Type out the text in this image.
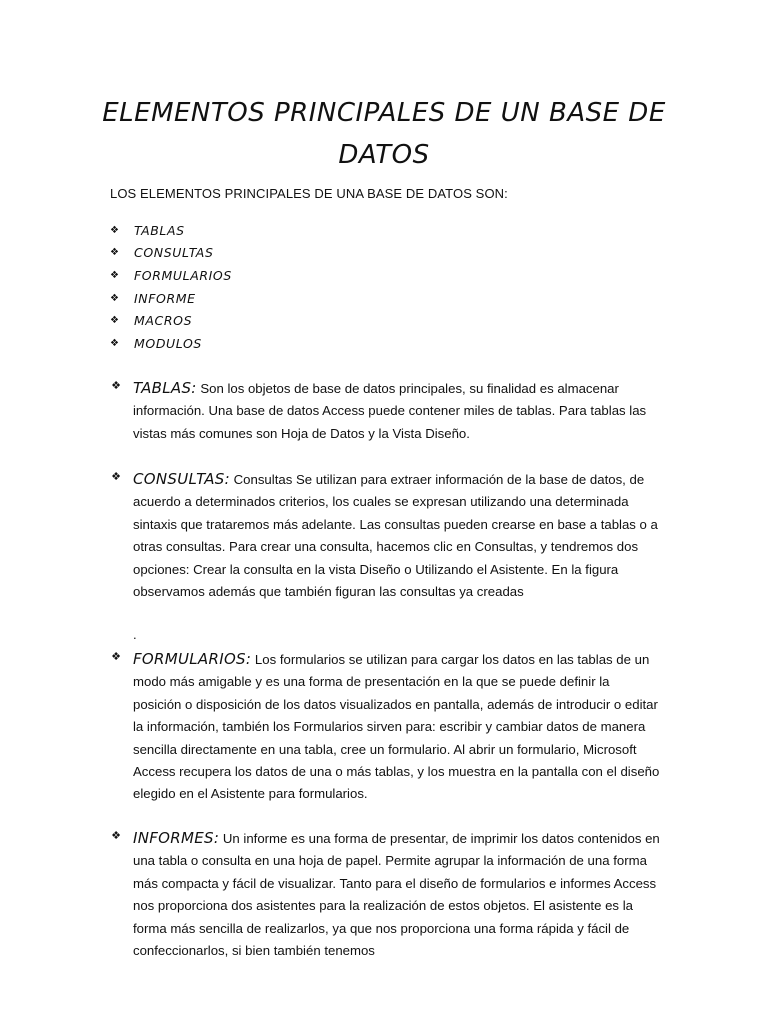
ELEMENTOS PRINCIPALES DE UN BASE DE DATOS
LOS ELEMENTOS PRINCIPALES DE UNA BASE DE DATOS SON:
❖ TABLAS
❖ CONSULTAS
❖ FORMULARIOS
❖ INFORME
❖ MACROS
❖ MODULOS
❖ TABLAS: Son los objetos de base de datos principales, su finalidad es almacenar información. Una base de datos Access puede contener miles de tablas. Para tablas las vistas más comunes son Hoja de Datos y la Vista Diseño.
❖ CONSULTAS: Consultas Se utilizan para extraer información de la base de datos, de acuerdo a determinados criterios, los cuales se expresan utilizando una determinada sintaxis que trataremos más adelante. Las consultas pueden crearse en base a tablas o a otras consultas. Para crear una consulta, hacemos clic en Consultas, y tendremos dos opciones: Crear la consulta en la vista Diseño o Utilizando el Asistente. En la figura observamos además que también figuran las consultas ya creadas
.
❖ FORMULARIOS: Los formularios se utilizan para cargar los datos en las tablas de un modo más amigable y es una forma de presentación en la que se puede definir la posición o disposición de los datos visualizados en pantalla, además de introducir o editar la información, también los Formularios sirven para: escribir y cambiar datos de manera sencilla directamente en una tabla, cree un formulario. Al abrir un formulario, Microsoft Access recupera los datos de una o más tablas, y los muestra en la pantalla con el diseño elegido en el Asistente para formularios.
❖ INFORMES: Un informe es una forma de presentar, de imprimir los datos contenidos en una tabla o consulta en una hoja de papel. Permite agrupar la información de una forma más compacta y fácil de visualizar. Tanto para el diseño de formularios e informes Access nos proporciona dos asistentes para la realización de estos objetos. El asistente es la forma más sencilla de realizarlos, ya que nos proporciona una forma rápida y fácil de confeccionarlos, si bien también tenemos
